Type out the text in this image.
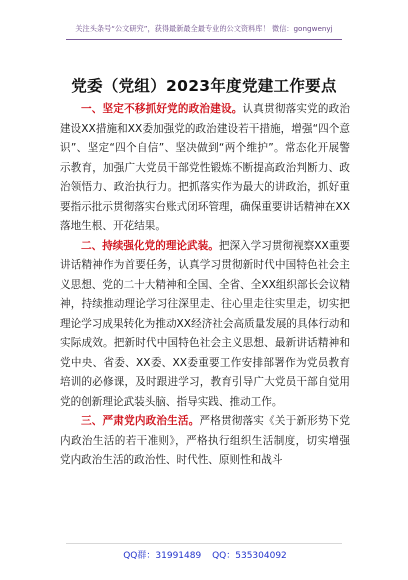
关注头条号“公文研究”，获得最新最全最专业的公文资料库！ 微信：gongwenyj
党委（党组）2023年度党建工作要点

一、坚定不移抓好党的政治建设。认真贯彻落实党的政治建设XX措施和XX委加强党的政治建设若干措施，增强“四个意识”、坚定“四个自信”、坚决做到“两个维护”。常态化开展警示教育，加强广大党员干部党性锻炼不断提高政治判断力、政治领悟力、政治执行力。把抓落实作为最大的讲政治，抓好重要指示批示贯彻落实台账式闭环管理，确保重要讲话精神在XX落地生根、开花结果。

二、持续强化党的理论武装。把深入学习贯彻视察XX重要讲话精神作为首要任务，认真学习贯彻新时代中国特色社会主义思想、党的二十大精神和全国、全省、全XX组织部长会议精神，持续推动理论学习往深里走、往心里走往实里走，切实把理论学习成果转化为推动XX经济社会高质量发展的具体行动和实际成效。把新时代中国特色社会主义思想、最新讲话精神和党中央、省委、XX委、XX委重要工作安排部署作为党员教育培训的必修课，及时跟进学习，教育引导广大党员干部自觉用党的创新理论武装头脑、指导实践、推动工作。

三、严肃党内政治生活。严格贯彻落实《关于新形势下党内政治生活的若干准则》，严格执行组织生活制度，切实增强党内政治生活的政治性、时代性、原则性和战斗

QQ群：31991489 QQ：535304092
